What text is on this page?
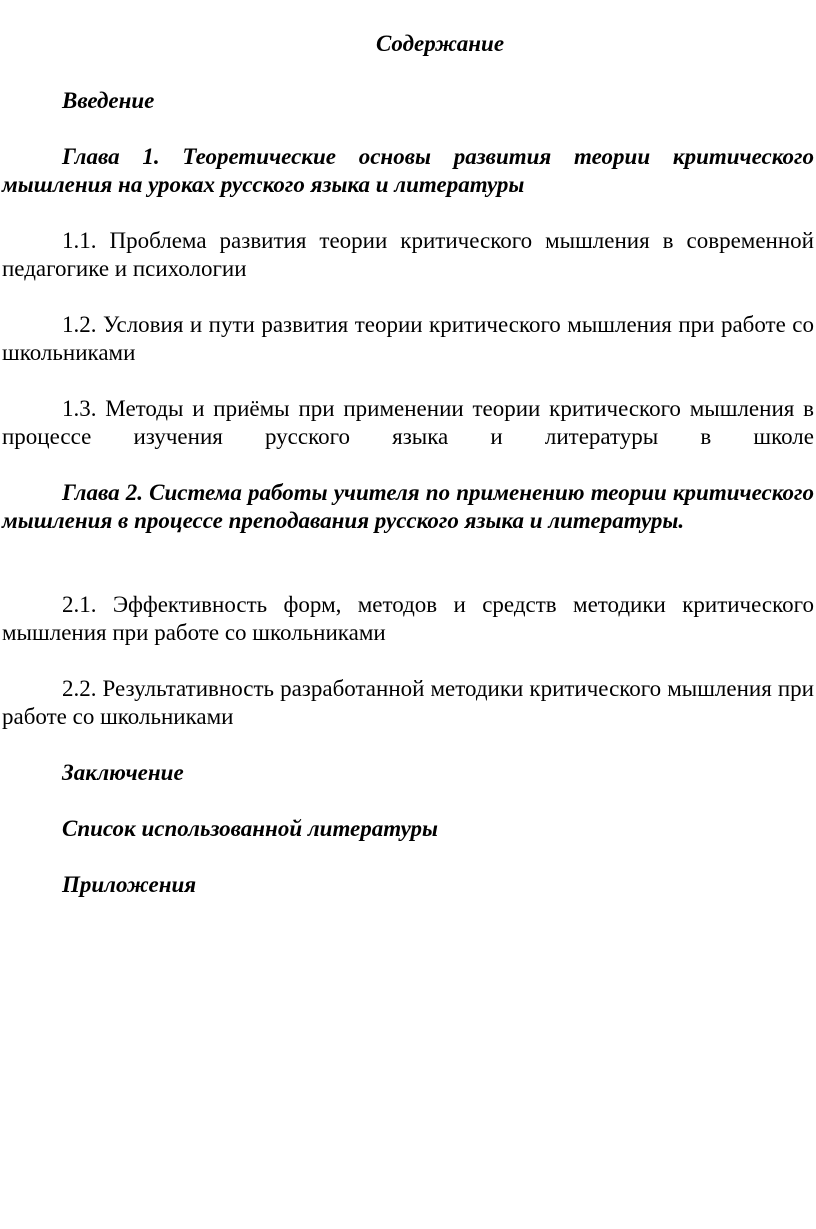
Содержание
Введение
Глава 1. Теоретические основы развития теории критического мышления на уроках русского языка и литературы
1.1. Проблема развития теории критического мышления в современной педагогике и психологии
1.2. Условия и пути развития теории критического мышления при работе со школьниками
1.3. Методы и приёмы при применении теории критического мышления в процессе изучения русского языка и литературы в школе
Глава 2. Система работы учителя по применению теории критического мышления в процессе преподавания русского языка и литературы.
2.1. Эффективность форм, методов и средств методики критического мышления при работе со школьниками
2.2. Результативность разработанной методики критического мышления при работе со школьниками
Заключение
Список использованной литературы
Приложения
